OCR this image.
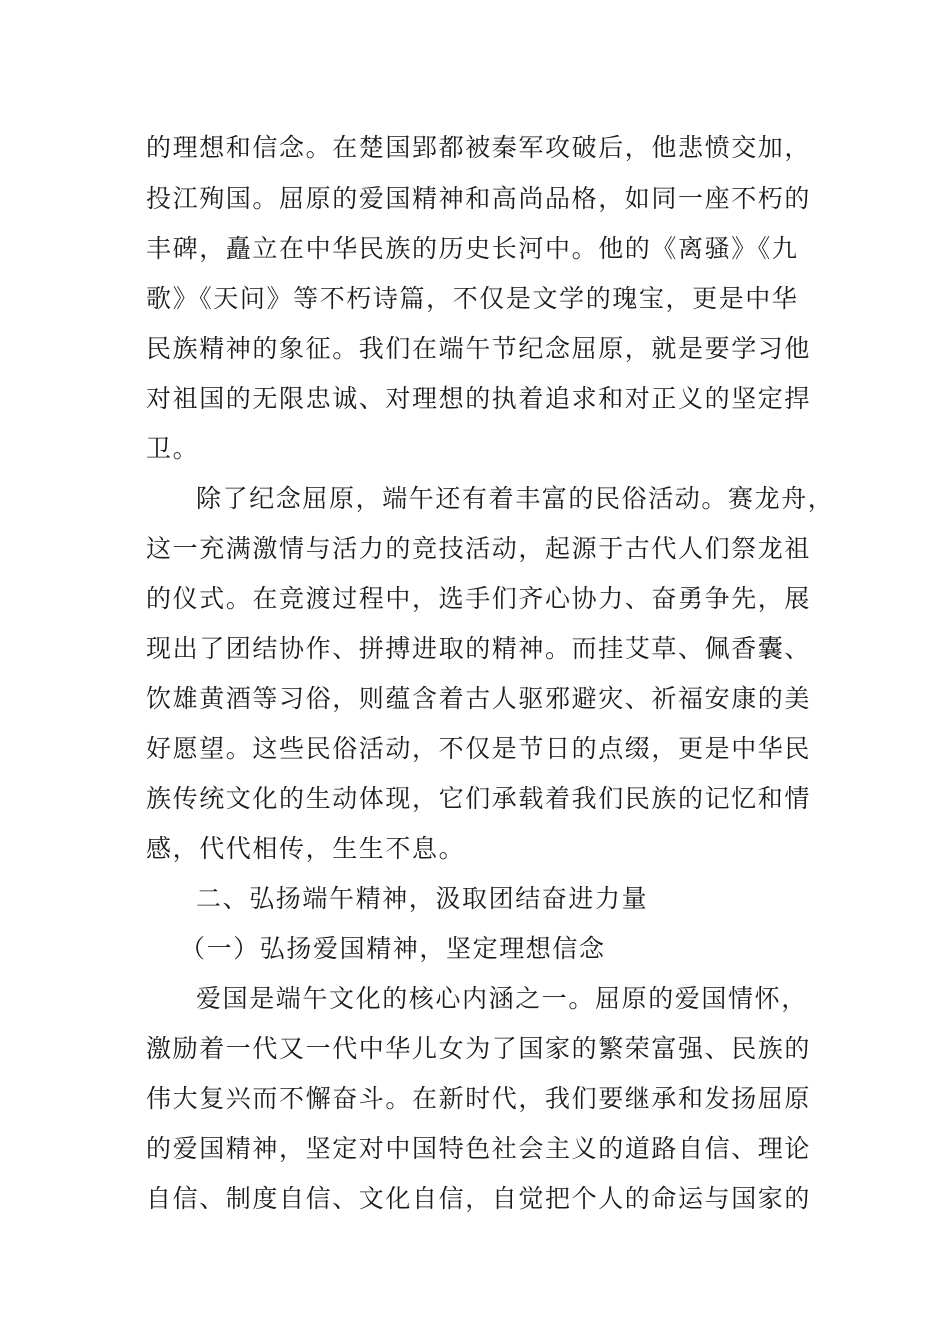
的理想和信念。在楚国郢都被秦军攻破后，他悲愤交加，
投江殉国。屈原的爱国精神和高尚品格，如同一座不朽的
丰碑，矗立在中华民族的历史长河中。他的《离骚》《九
歌》《天问》等不朽诗篇，不仅是文学的瑰宝，更是中华
民族精神的象征。我们在端午节纪念屈原，就是要学习他
对祖国的无限忠诚、对理想的执着追求和对正义的坚定捍
卫。
除了纪念屈原，端午还有着丰富的民俗活动。赛龙舟，
这一充满激情与活力的竞技活动，起源于古代人们祭龙祖
的仪式。在竞渡过程中，选手们齐心协力、奋勇争先，展
现出了团结协作、拼搏进取的精神。而挂艾草、佩香囊、
饮雄黄酒等习俗，则蕴含着古人驱邪避灾、祈福安康的美
好愿望。这些民俗活动，不仅是节日的点缀，更是中华民
族传统文化的生动体现，它们承载着我们民族的记忆和情
感，代代相传，生生不息。
二、弘扬端午精神，汲取团结奋进力量
（一）弘扬爱国精神，坚定理想信念
爱国是端午文化的核心内涵之一。屈原的爱国情怀，
激励着一代又一代中华儿女为了国家的繁荣富强、民族的
伟大复兴而不懈奋斗。在新时代，我们要继承和发扬屈原
的爱国精神，坚定对中国特色社会主义的道路自信、理论
自信、制度自信、文化自信，自觉把个人的命运与国家的
